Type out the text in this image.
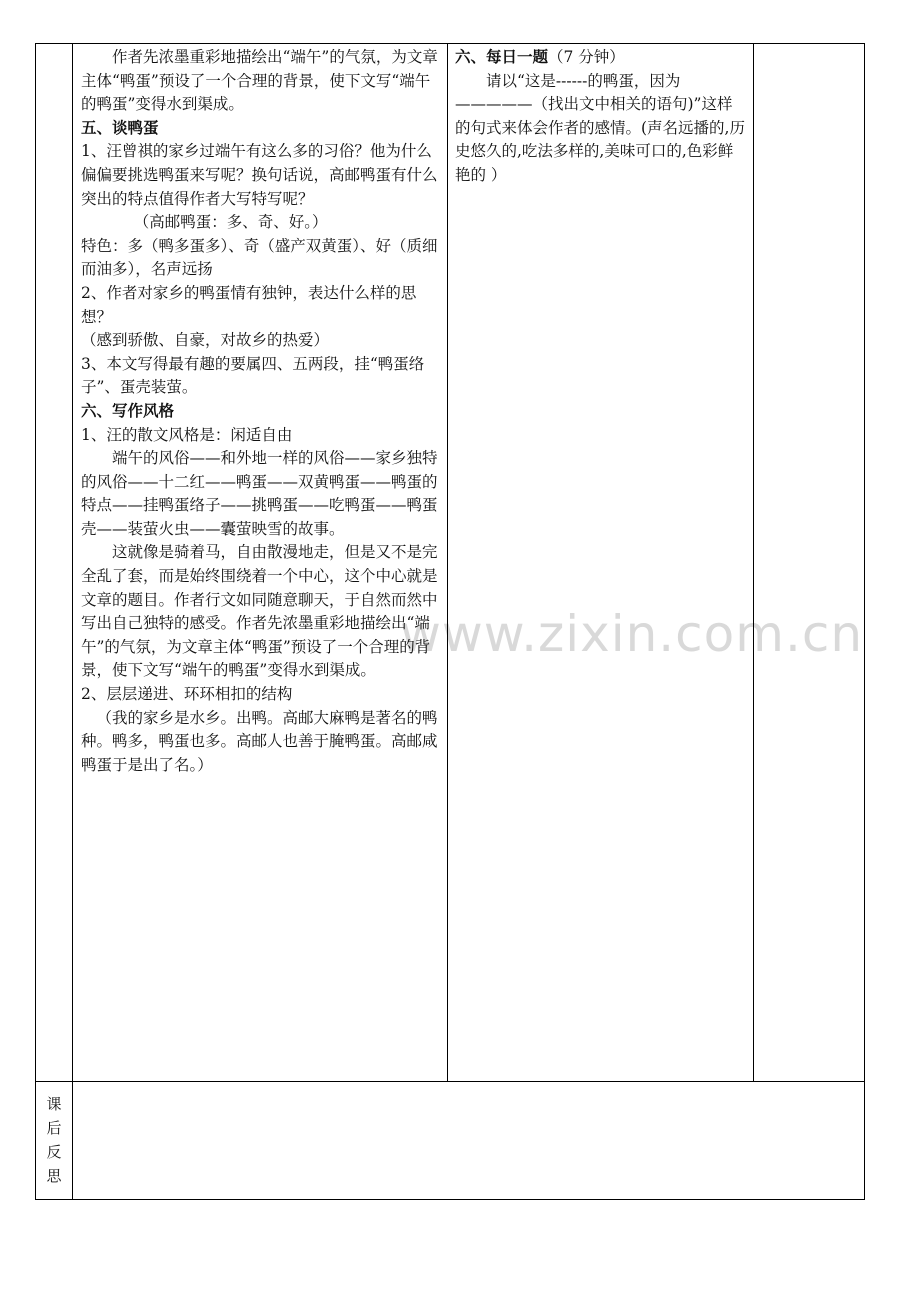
www.zixin.com.cn

作者先浓墨重彩地描绘出“端午”的气氛，为文章主体“鸭蛋”预设了一个合理的背景，使下文写“端午的鸭蛋”变得水到渠成。

五、谈鸭蛋

1、汪曾祺的家乡过端午有这么多的习俗？他为什么偏偏要挑选鸭蛋来写呢？换句话说，高邮鸭蛋有什么突出的特点值得作者大写特写呢？

（高邮鸭蛋：多、奇、好。）

特色：多（鸭多蛋多）、奇（盛产双黄蛋）、好（质细而油多），名声远扬

2、作者对家乡的鸭蛋情有独钟，表达什么样的思想？

（感到骄傲、自豪，对故乡的热爱）

3、本文写得最有趣的要属四、五两段，挂“鸭蛋络子”、蛋壳装萤。

六、写作风格

1、汪的散文风格是：闲适自由

端午的风俗——和外地一样的风俗——家乡独特的风俗——十二红——鸭蛋——双黄鸭蛋——鸭蛋的特点——挂鸭蛋络子——挑鸭蛋——吃鸭蛋——鸭蛋壳——装萤火虫——囊萤映雪的故事。

这就像是骑着马，自由散漫地走，但是又不是完全乱了套，而是始终围绕着一个中心，这个中心就是文章的题目。作者行文如同随意聊天，于自然而然中写出自己独特的感受。作者先浓墨重彩地描绘出“端午”的气氛，为文章主体“鸭蛋”预设了一个合理的背景，使下文写“端午的鸭蛋”变得水到渠成。

2、层层递进、环环相扣的结构

（我的家乡是水乡。出鸭。高邮大麻鸭是著名的鸭种。鸭多，鸭蛋也多。高邮人也善于腌鸭蛋。高邮咸鸭蛋于是出了名。）

六、每日一题（7 分钟）

请以“这是------的鸭蛋，因为—————（找出文中相关的语句)”这样的句式来体会作者的感情。(声名远播的,历史悠久的,吃法多样的,美味可口的,色彩鲜艳的 ）

课
后
反
思
